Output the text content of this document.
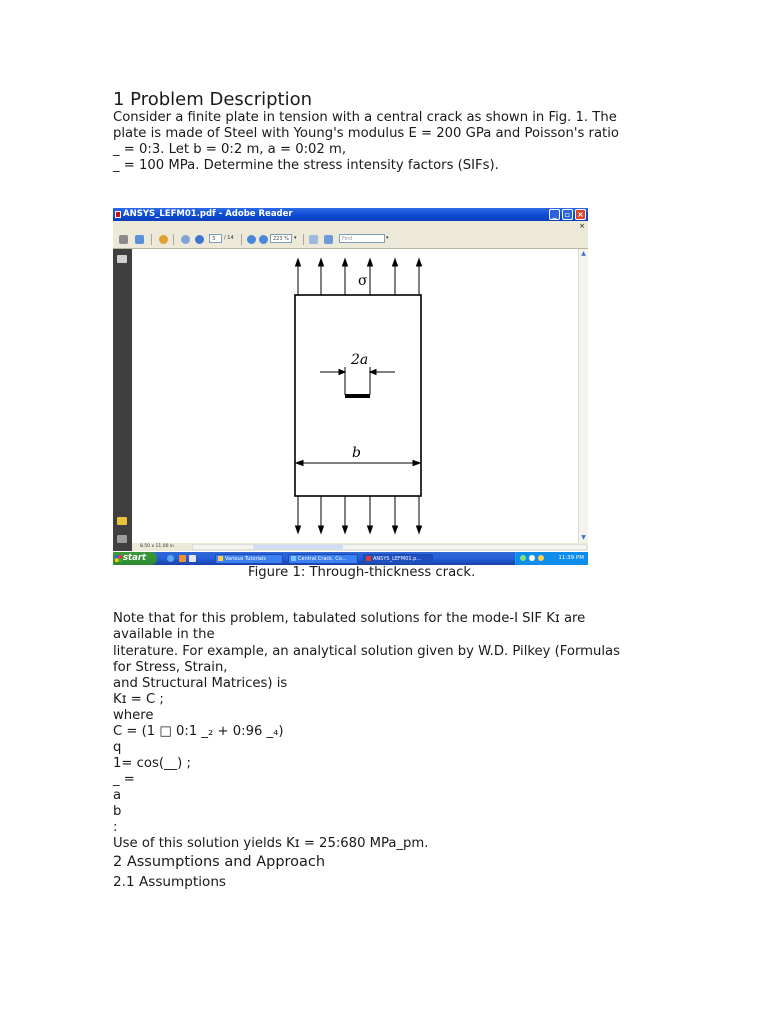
1 Problem Description
Consider a finite plate in tension with a central crack as shown in Fig. 1. The
plate is made of Steel with Young's modulus E = 200 GPa and Poisson's ratio
_ = 0:3. Let b = 0:2 m, a = 0:02 m,
_ = 100 MPa. Determine the stress intensity factors (SIFs).
ANSYS_LEFM01.pdf - Adobe Reader	_	▫ ×

×
3	/ 14	223 %	▾	Find	▾
σ
2a
b
▲
▼
8.50 x 11.00 in
start	Various Tutorials	Central Crack, Co...	ANSYS_LEFM01.p...	11:39 PM
Figure 1: Through-thickness crack.
Note that for this problem, tabulated solutions for the mode-I SIF Kɪ are
available in the
literature. For example, an analytical solution given by W.D. Pilkey (Formulas
for Stress, Strain,
and Structural Matrices) is
Kɪ = C ;
where
C = (1 □ 0:1 _₂ + 0:96 _₄)
q
1= cos(__) ;
_ =
a
b
:
Use of this solution yields Kɪ = 25:680 MPa_pm.
2 Assumptions and Approach
2.1 Assumptions
